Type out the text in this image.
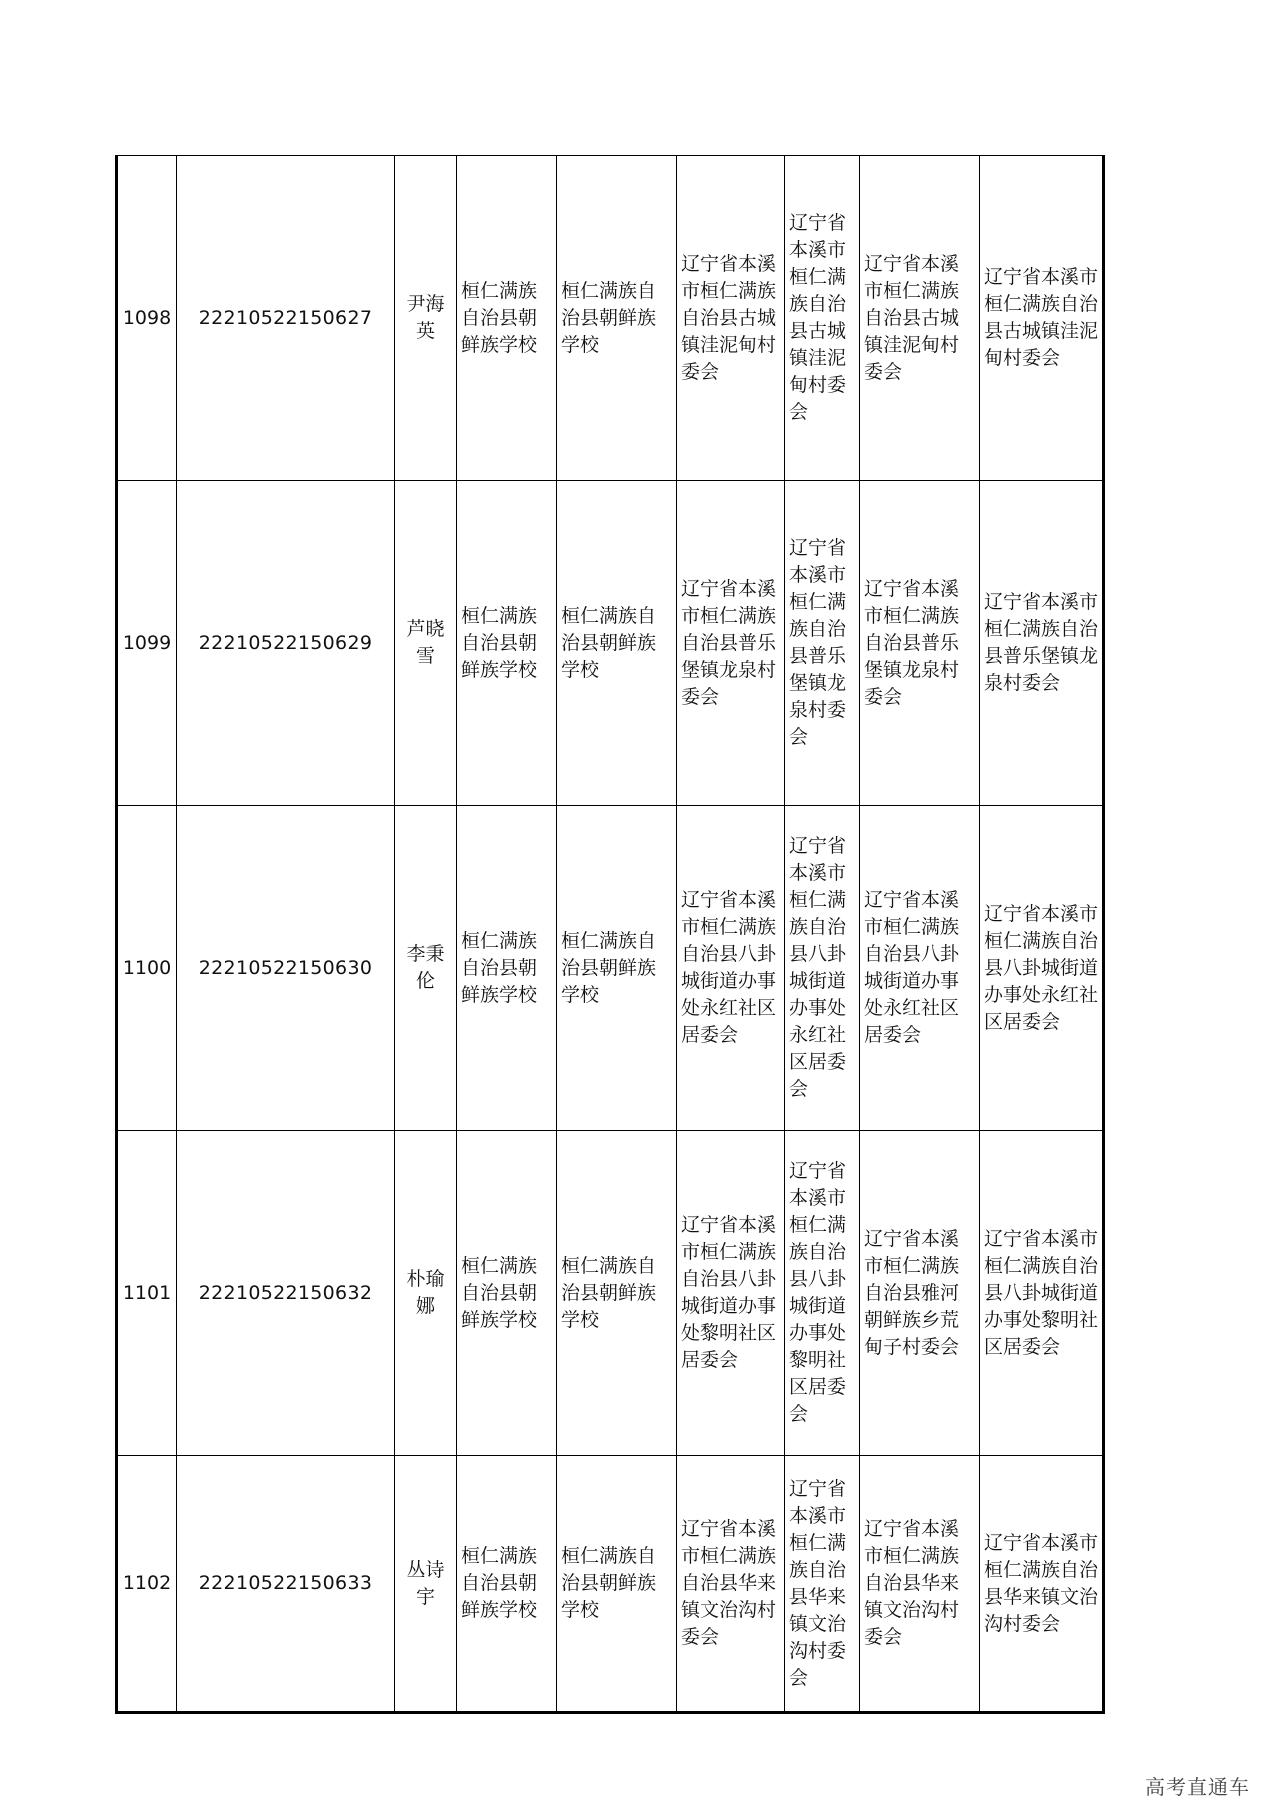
1098	22210522150627	尹海英	桓仁满族自治县朝鲜族学校	桓仁满族自治县朝鲜族学校	辽宁省本溪市桓仁满族自治县古城镇洼泥甸村委会	辽宁省本溪市桓仁满族自治县古城镇洼泥甸村委会	辽宁省本溪市桓仁满族自治县古城镇洼泥甸村委会	辽宁省本溪市桓仁满族自治县古城镇洼泥甸村委会
1099	22210522150629	芦晓雪	桓仁满族自治县朝鲜族学校	桓仁满族自治县朝鲜族学校	辽宁省本溪市桓仁满族自治县普乐堡镇龙泉村委会	辽宁省本溪市桓仁满族自治县普乐堡镇龙泉村委会	辽宁省本溪市桓仁满族自治县普乐堡镇龙泉村委会	辽宁省本溪市桓仁满族自治县普乐堡镇龙泉村委会
1100	22210522150630	李秉伦	桓仁满族自治县朝鲜族学校	桓仁满族自治县朝鲜族学校	辽宁省本溪市桓仁满族自治县八卦城街道办事处永红社区居委会	辽宁省本溪市桓仁满族自治县八卦城街道办事处永红社区居委会	辽宁省本溪市桓仁满族自治县八卦城街道办事处永红社区居委会	辽宁省本溪市桓仁满族自治县八卦城街道办事处永红社区居委会
1101	22210522150632	朴瑜娜	桓仁满族自治县朝鲜族学校	桓仁满族自治县朝鲜族学校	辽宁省本溪市桓仁满族自治县八卦城街道办事处黎明社区居委会	辽宁省本溪市桓仁满族自治县八卦城街道办事处黎明社区居委会	辽宁省本溪市桓仁满族自治县雅河朝鲜族乡荒甸子村委会	辽宁省本溪市桓仁满族自治县八卦城街道办事处黎明社区居委会
1102	22210522150633	丛诗宇	桓仁满族自治县朝鲜族学校	桓仁满族自治县朝鲜族学校	辽宁省本溪市桓仁满族自治县华来镇文治沟村委会	辽宁省本溪市桓仁满族自治县华来镇文治沟村委会	辽宁省本溪市桓仁满族自治县华来镇文治沟村委会	辽宁省本溪市桓仁满族自治县华来镇文治沟村委会
高考直通车
